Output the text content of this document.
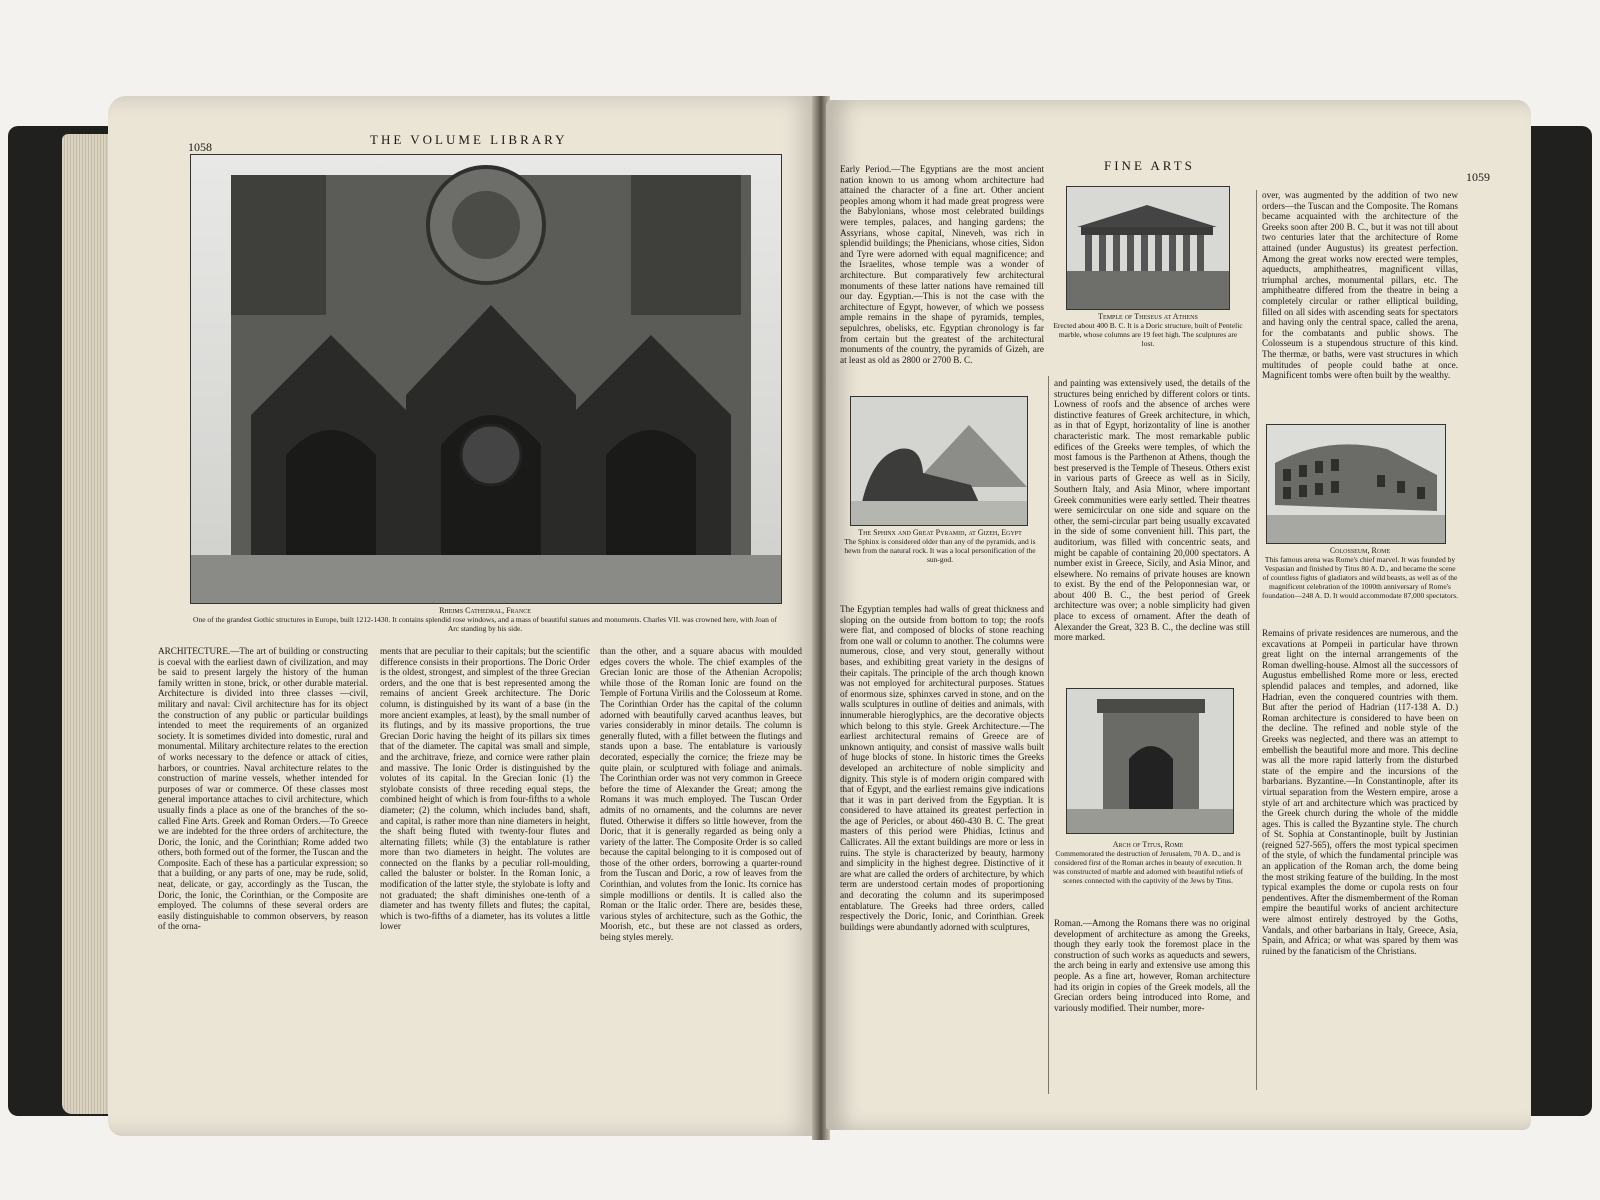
1058	THE VOLUME LIBRARY
Rheims Cathedral, France
One of the grandest Gothic structures in Europe, built 1212-1430. It contains splendid rose windows, and a mass of beautiful statues and monuments. Charles VII. was crowned here, with Joan of Arc standing by his side.
ARCHITECTURE.—The art of building or constructing is coeval with the earliest dawn of civilization, and may be said to present largely the history of the human family written in stone, brick, or other durable material. Architecture is divided into three classes —civil, military and naval: Civil architecture has for its object the construction of any public or particular buildings intended to meet the requirements of an organized society. It is sometimes divided into domestic, rural and monumental. Military architecture relates to the erection of works necessary to the defence or attack of cities, harbors, or countries. Naval architecture relates to the construction of marine vessels, whether intended for purposes of war or commerce. Of these classes most general importance attaches to civil architecture, which usually finds a place as one of the branches of the so-called Fine Arts. Greek and Roman Orders.—To Greece we are indebted for the three orders of architecture, the Doric, the Ionic, and the Corinthian; Rome added two others, both formed out of the former, the Tuscan and the Composite. Each of these has a particular expression; so that a building, or any parts of one, may be rude, solid, neat, delicate, or gay, accordingly as the Tuscan, the Doric, the Ionic, the Corinthian, or the Composite are employed. The columns of these several orders are easily distinguishable to common observers, by reason of the orna-
ments that are peculiar to their capitals; but the scientific difference consists in their proportions. The Doric Order is the oldest, strongest, and simplest of the three Grecian orders, and the one that is best represented among the remains of ancient Greek architecture. The Doric column, is distinguished by its want of a base (in the more ancient examples, at least), by the small number of its flutings, and by its massive proportions, the true Grecian Doric having the height of its pillars six times that of the diameter. The capital was small and simple, and the architrave, frieze, and cornice were rather plain and massive. The Ionic Order is distinguished by the volutes of its capital. In the Grecian Ionic (1) the stylobate consists of three receding equal steps, the combined height of which is from four-fifths to a whole diameter; (2) the column, which includes band, shaft, and capital, is rather more than nine diameters in height, the shaft being fluted with twenty-four flutes and alternating fillets; while (3) the entablature is rather more than two diameters in height. The volutes are connected on the flanks by a peculiar roll-moulding, called the baluster or bolster. In the Roman Ionic, a modification of the latter style, the stylobate is lofty and not graduated; the shaft diminishes one-tenth of a diameter and has twenty fillets and flutes; the capital, which is two-fifths of a diameter, has its volutes a little lower
than the other, and a square abacus with moulded edges covers the whole. The chief examples of the Grecian Ionic are those of the Athenian Acropolis; while those of the Roman Ionic are found on the Temple of Fortuna Virilis and the Colosseum at Rome. The Corinthian Order has the capital of the column adorned with beautifully carved acanthus leaves, but varies considerably in minor details. The column is generally fluted, with a fillet between the flutings and stands upon a base. The entablature is variously decorated, especially the cornice; the frieze may be quite plain, or sculptured with foliage and animals. The Corinthian order was not very common in Greece before the time of Alexander the Great; among the Romans it was much employed. The Tuscan Order admits of no ornaments, and the columns are never fluted. Otherwise it differs so little however, from the Doric, that it is generally regarded as being only a variety of the latter. The Composite Order is so called because the capital belonging to it is composed out of those of the other orders, borrowing a quarter-round from the Tuscan and Doric, a row of leaves from the Corinthian, and volutes from the Ionic. Its cornice has simple modillions or dentils. It is called also the Roman or the Italic order. There are, besides these, various styles of architecture, such as the Gothic, the Moorish, etc., but these are not classed as orders, being styles merely.
FINE ARTS
1059
Early Period.—The Egyptians are the most ancient nation known to us among whom architecture had attained the character of a fine art. Other ancient peoples among whom it had made great progress were the Babylonians, whose most celebrated buildings were temples, palaces, and hanging gardens; the Assyrians, whose capital, Nineveh, was rich in splendid buildings; the Phenicians, whose cities, Sidon and Tyre were adorned with equal magnificence; and the Israelites, whose temple was a wonder of architecture. But comparatively few architectural monuments of these latter nations have remained till our day. Egyptian.—This is not the case with the architecture of Egypt, however, of which we possess ample remains in the shape of pyramids, temples, sepulchres, obelisks, etc. Egyptian chronology is far from certain but the greatest of the architectural monuments of the country, the pyramids of Gizeh, are at least as old as 2800 or 2700 B. C.
Temple of Theseus at Athens
Erected about 400 B. C. It is a Doric structure, built of Pentelic marble, whose columns are 19 feet high. The sculptures are lost.
The Sphinx and Great Pyramid, at Gizeh, Egypt
The Sphinx is considered older than any of the pyramids, and is hewn from the natural rock. It was a local personification of the sun-god.
The Egyptian temples had walls of great thickness and sloping on the outside from bottom to top; the roofs were flat, and composed of blocks of stone reaching from one wall or column to another. The columns were numerous, close, and very stout, generally without bases, and exhibiting great variety in the designs of their capitals. The principle of the arch though known was not employed for architectural purposes. Statues of enormous size, sphinxes carved in stone, and on the walls sculptures in outline of deities and animals, with innumerable hieroglyphics, are the decorative objects which belong to this style. Greek Architecture.—The earliest architectural remains of Greece are of unknown antiquity, and consist of massive walls built of huge blocks of stone. In historic times the Greeks developed an architecture of noble simplicity and dignity. This style is of modern origin compared with that of Egypt, and the earliest remains give indications that it was in part derived from the Egyptian. It is considered to have attained its greatest perfection in the age of Pericles, or about 460-430 B. C. The great masters of this period were Phidias, Ictinus and Callicrates. All the extant buildings are more or less in ruins. The style is characterized by beauty, harmony and simplicity in the highest degree. Distinctive of it are what are called the orders of architecture, by which term are understood certain modes of proportioning and decorating the column and its superimposed entablature. The Greeks had three orders, called respectively the Doric, Ionic, and Corinthian. Greek buildings were abundantly adorned with sculptures,
and painting was extensively used, the details of the structures being enriched by different colors or tints. Lowness of roofs and the absence of arches were distinctive features of Greek architecture, in which, as in that of Egypt, horizontality of line is another characteristic mark. The most remarkable public edifices of the Greeks were temples, of which the most famous is the Parthenon at Athens, though the best preserved is the Temple of Theseus. Others exist in various parts of Greece as well as in Sicily, Southern Italy, and Asia Minor, where important Greek communities were early settled. Their theatres were semicircular on one side and square on the other, the semi-circular part being usually excavated in the side of some convenient hill. This part, the auditorium, was filled with concentric seats, and might be capable of containing 20,000 spectators. A number exist in Greece, Sicily, and Asia Minor, and elsewhere. No remains of private houses are known to exist. By the end of the Peloponnesian war, or about 400 B. C., the best period of Greek architecture was over; a noble simplicity had given place to excess of ornament. After the death of Alexander the Great, 323 B. C., the decline was still more marked.
Arch of Titus, Rome
Commemorated the destruction of Jerusalem, 70 A. D., and is considered first of the Roman arches in beauty of execution. It was constructed of marble and adorned with beautiful reliefs of scenes connected with the captivity of the Jews by Titus.
Roman.—Among the Romans there was no original development of architecture as among the Greeks, though they early took the foremost place in the construction of such works as aqueducts and sewers, the arch being in early and extensive use among this people. As a fine art, however, Roman architecture had its origin in copies of the Greek models, all the Grecian orders being introduced into Rome, and variously modified. Their number, more-
over, was augmented by the addition of two new orders—the Tuscan and the Composite. The Romans became acquainted with the architecture of the Greeks soon after 200 B. C., but it was not till about two centuries later that the architecture of Rome attained (under Augustus) its greatest perfection. Among the great works now erected were temples, aqueducts, amphitheatres, magnificent villas, triumphal arches, monumental pillars, etc. The amphitheatre differed from the theatre in being a completely circular or rather elliptical building, filled on all sides with ascending seats for spectators and having only the central space, called the arena, for the combatants and public shows. The Colosseum is a stupendous structure of this kind. The thermæ, or baths, were vast structures in which multitudes of people could bathe at once. Magnificent tombs were often built by the wealthy.
Colosseum, Rome
This famous arena was Rome's chief marvel. It was founded by Vespasian and finished by Titus 80 A. D., and became the scene of countless fights of gladiators and wild beasts, as well as of the magnificent celebration of the 1000th anniversary of Rome's foundation—248 A. D. It would accommodate 87,000 spectators.
Remains of private residences are numerous, and the excavations at Pompeii in particular have thrown great light on the internal arrangements of the Roman dwelling-house. Almost all the successors of Augustus embellished Rome more or less, erected splendid palaces and temples, and adorned, like Hadrian, even the conquered countries with them. But after the period of Hadrian (117-138 A. D.) Roman architecture is considered to have been on the decline. The refined and noble style of the Greeks was neglected, and there was an attempt to embellish the beautiful more and more. This decline was all the more rapid latterly from the disturbed state of the empire and the incursions of the barbarians. Byzantine.—In Constantinople, after its virtual separation from the Western empire, arose a style of art and architecture which was practiced by the Greek church during the whole of the middle ages. This is called the Byzantine style. The church of St. Sophia at Constantinople, built by Justinian (reigned 527-565), offers the most typical specimen of the style, of which the fundamental principle was an application of the Roman arch, the dome being the most striking feature of the building. In the most typical examples the dome or cupola rests on four pendentives. After the dismemberment of the Roman empire the beautiful works of ancient architecture were almost entirely destroyed by the Goths, Vandals, and other barbarians in Italy, Greece, Asia, Spain, and Africa; or what was spared by them was ruined by the fanaticism of the Christians.
